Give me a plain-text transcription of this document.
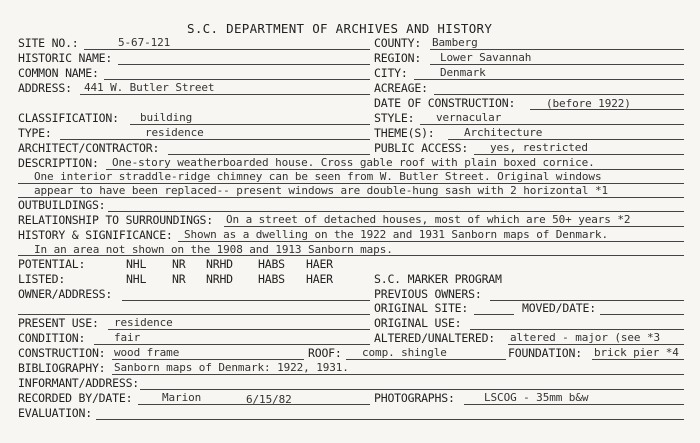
S.C. DEPARTMENT OF ARCHIVES AND HISTORY
SITE NO.:	5-67-121
HISTORIC NAME:
COMMON NAME:
ADDRESS: 441 W. Butler Street
CLASSIFICATION: building
TYPE:	residence
ARCHITECT/CONTRACTOR:
COUNTY: Bamberg
REGION: Lower Savannah
CITY:	Denmark
ACREAGE:
DATE OF CONSTRUCTION:	(before 1922)
STYLE: vernacular
THEME(S):	Architecture
PUBLIC ACCESS: yes, restricted
DESCRIPTION: One-story weatherboarded house. Cross gable roof with plain boxed cornice.
One interior straddle-ridge chimney can be seen from W. Butler Street. Original windows
appear to have been replaced-- present windows are double-hung sash with 2 horizontal *1
OUTBUILDINGS:
RELATIONSHIP TO SURROUNDINGS: On a street of detached houses, most of which are 50+ years *2
HISTORY & SIGNIFICANCE: Shown as a dwelling on the 1922 and 1931 Sanborn maps of Denmark.
In an area not shown on the 1908 and 1913 Sanborn maps.
POTENTIAL:	NHL NR NRHD HABS HAER
LISTED:	NHL NR NRHD HABS HAER	S.C. MARKER PROGRAM
OWNER/ADDRESS:	PREVIOUS OWNERS:
ORIGINAL SITE:	MOVED/DATE:
PRESENT USE: residence	ORIGINAL USE:
CONDITION:	fair	ALTERED/UNALTERED: altered - major (see *3
CONSTRUCTION: wood frame	ROOF: comp. shingle	FOUNDATION: brick pier *4
BIBLIOGRAPHY: Sanborn maps of Denmark: 1922, 1931.
INFORMANT/ADDRESS:
RECORDED BY/DATE:	Marion	6/15/82	PHOTOGRAPHS:	LSCOG - 35mm b&w
EVALUATION:
